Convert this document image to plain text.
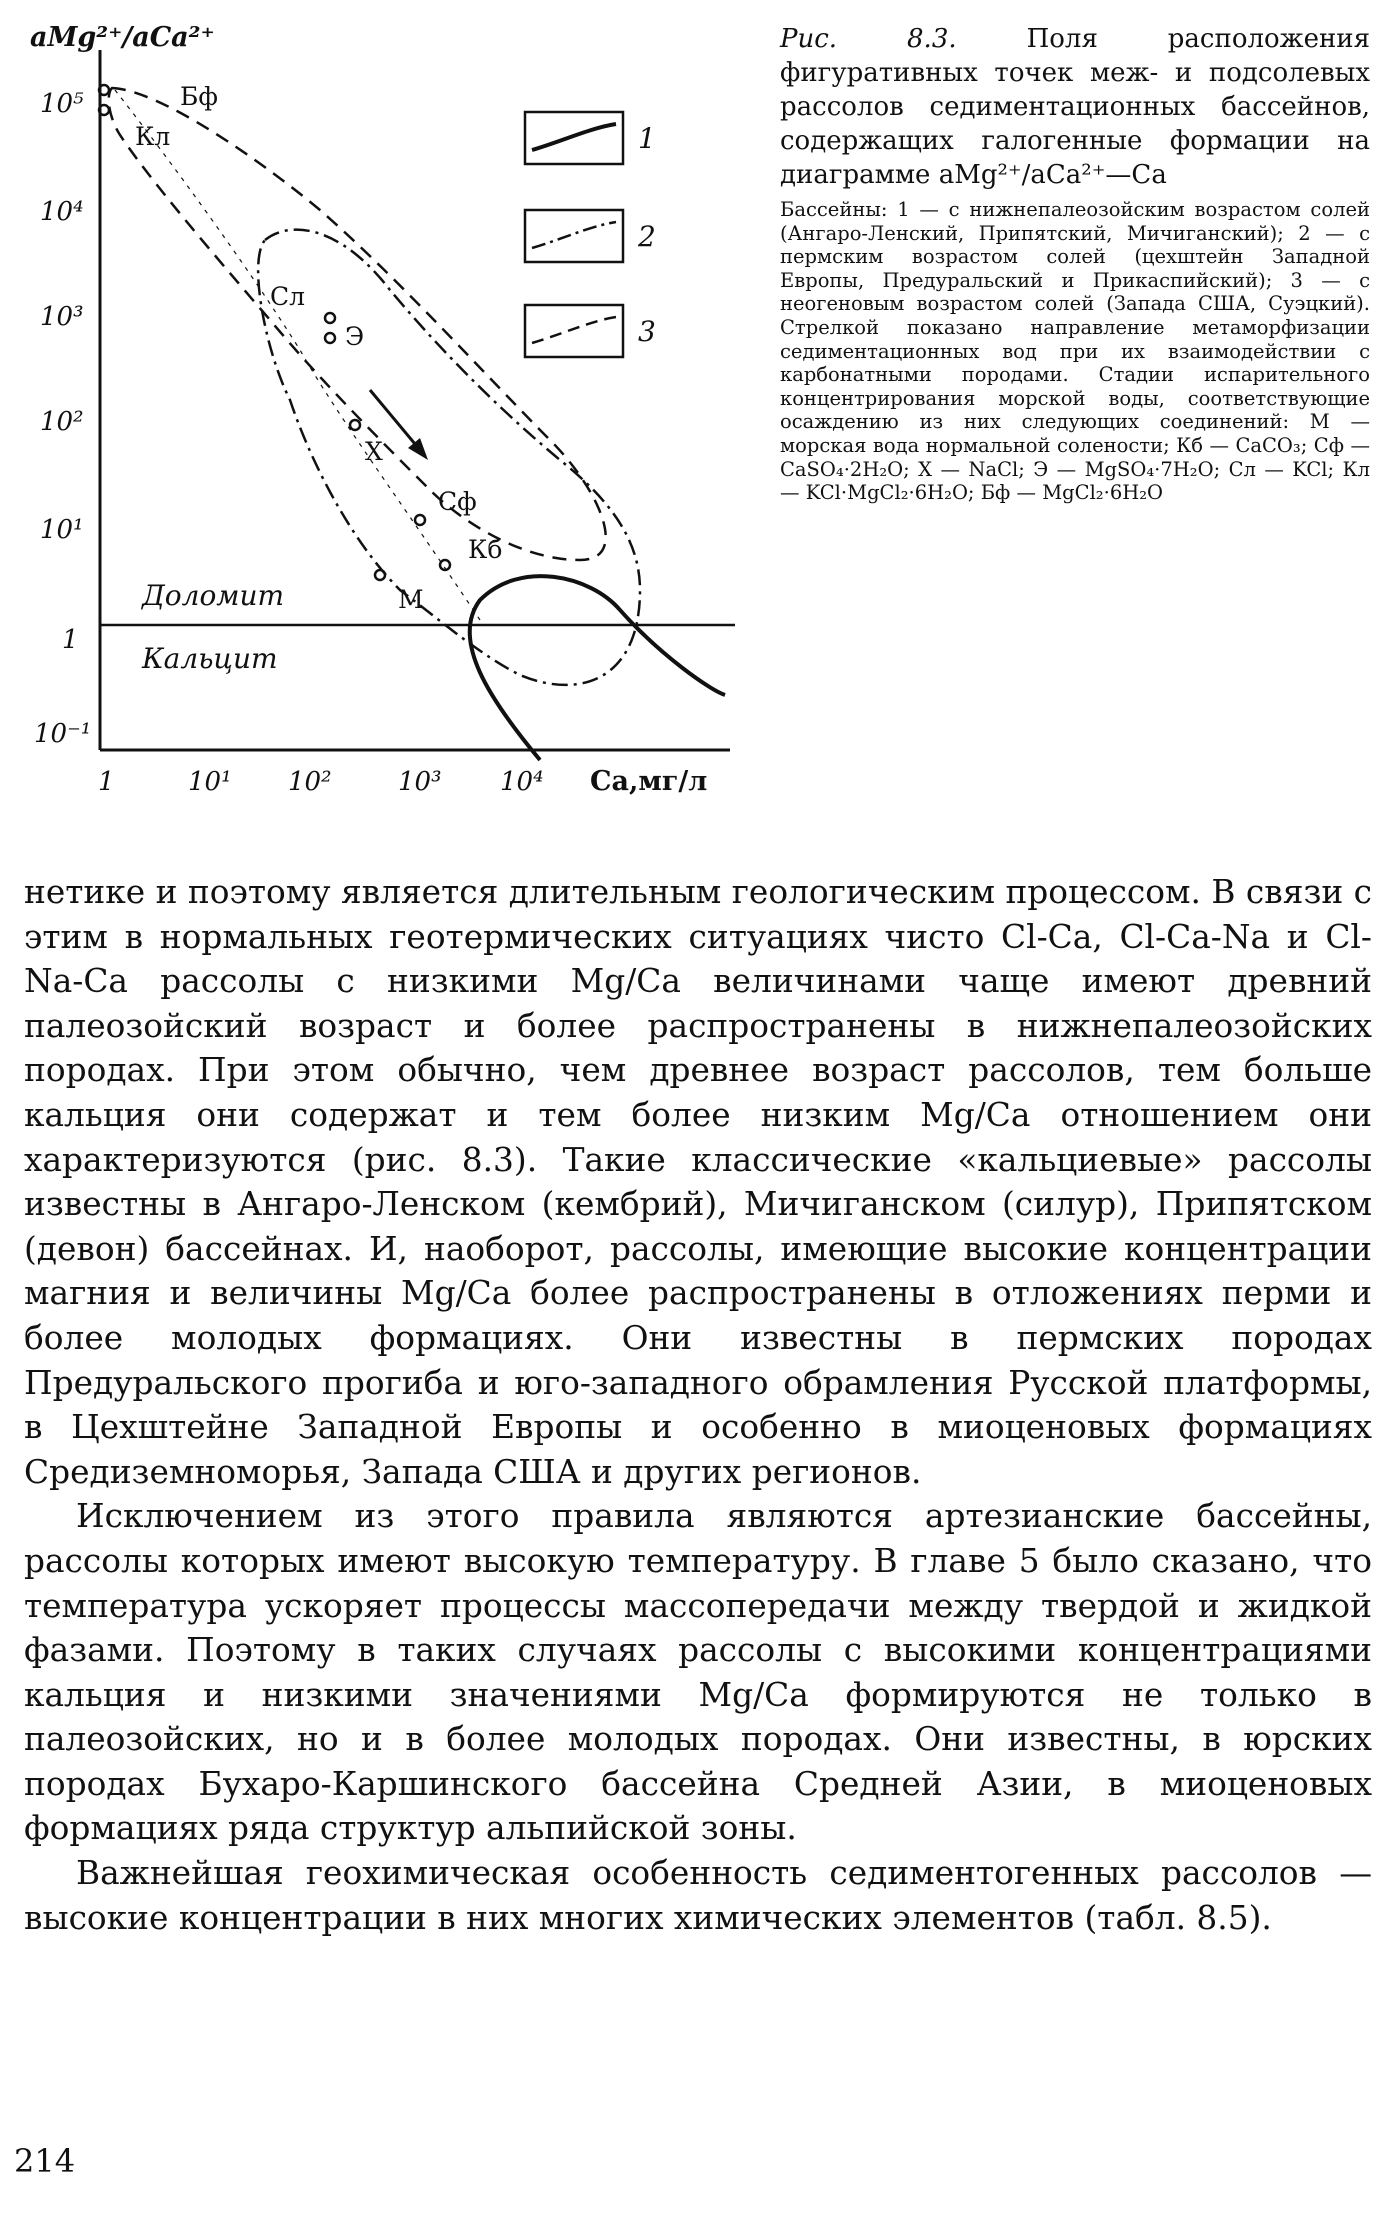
aMg²⁺/aCa²⁺
10⁵
10⁴
10³
10²
10¹
1
10⁻¹
1	10¹ 10²	10³ 10⁴ Ca,мг/л
Бф
Кл
Сл
Э
Х
Сф
Кб
М
Доломит
Кальцит
1
2
3

Рис. 8.3.	Поля расположения фигуративных точек меж- и подсолевых рассолов седиментационных бассейнов, содержащих галогенные формации на диаграмме aMg²⁺/aCa²⁺—Ca

Бассейны: 1 — с нижнепалеозойским возрастом солей (Ангаро-Ленский, Припятский, Мичиганский); 2 — с пермским возрастом солей (цехштейн Западной Европы, Предуральский и Прикаспийский); 3 — с неогеновым возрастом солей (Запада США, Суэцкий). Стрелкой показано направление метаморфизации седиментационных вод при их взаимодействии с карбонатными породами. Стадии испарительного концентрирования морской воды, соответствующие осаждению из них следующих соединений: М — морская вода нормальной солености; Кб — CaCO₃; Сф — CaSO₄·2H₂O; Х — NaCl; Э — MgSO₄·7H₂O; Сл — KCl; Кл — KCl·MgCl₂·6H₂O; Бф — MgCl₂·6H₂O

нетике и поэтому является длительным геологическим процессом. В связи с этим в нормальных геотермических ситуациях чисто Cl-Ca, Cl-Ca-Na и Cl-Na-Ca рассолы с низкими Mg/Ca величинами чаще имеют древний палеозойский возраст и более распространены в нижнепалеозойских породах. При этом обычно, чем древнее возраст рассолов, тем больше кальция они содержат и тем более низким Mg/Ca отношением они характеризуются (рис. 8.3). Такие классические «кальциевые» рассолы известны в Ангаро-Ленском (кембрий), Мичиганском (силур), Припятском (девон) бассейнах. И, наоборот, рассолы, имеющие высокие концентрации магния и величины Mg/Ca более распространены в отложениях перми и более молодых формациях. Они известны в пермских породах Предуральского прогиба и юго-западного обрамления Русской платформы, в Цехштейне Западной Европы и особенно в миоценовых формациях Средиземноморья, Запада США и других регионов.

Исключением из этого правила являются артезианские бассейны, рассолы которых имеют высокую температуру. В главе 5 было сказано, что температура ускоряет процессы массопередачи между твердой и жидкой фазами. Поэтому в таких случаях рассолы с высокими концентрациями кальция и низкими значениями Mg/Ca формируются не только в палеозойских, но и в более молодых породах. Они известны, в юрских породах Бухаро-Каршинского бассейна Средней Азии, в миоценовых формациях ряда структур альпийской зоны.

Важнейшая геохимическая особенность седиментогенных рассолов — высокие концентрации в них многих химических элементов (табл. 8.5).

214
